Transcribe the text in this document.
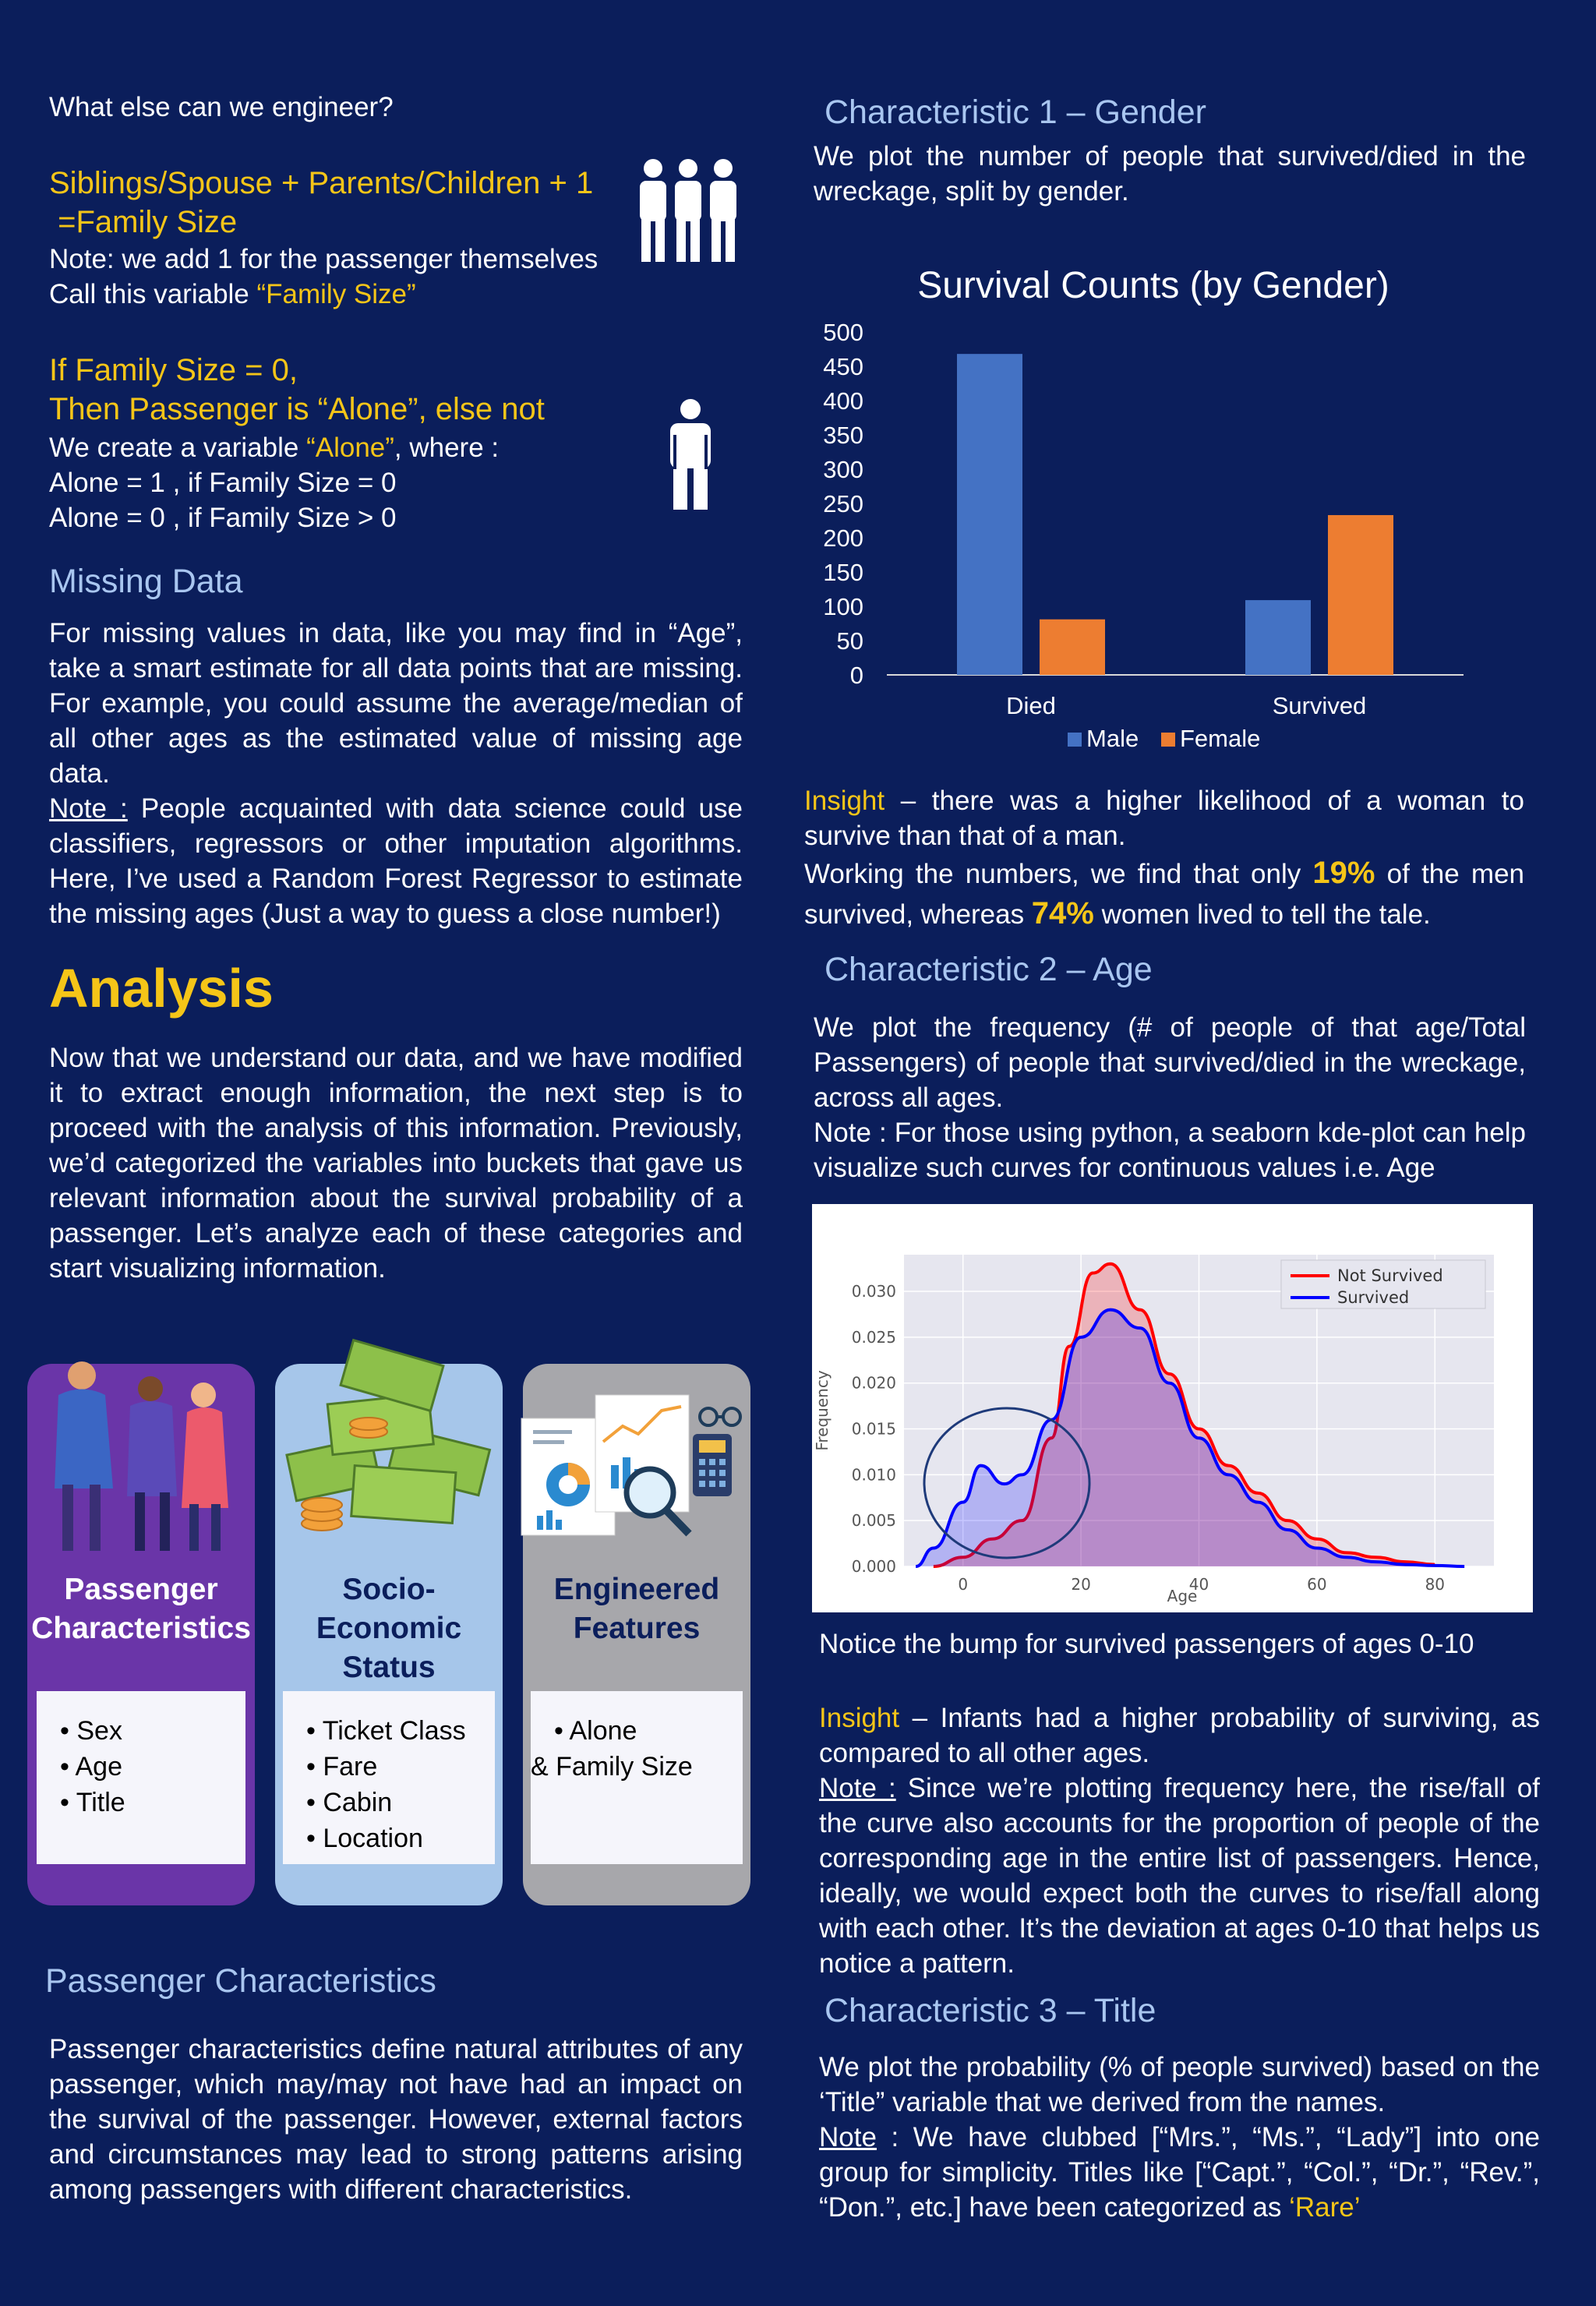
What else can we engineer?
Siblings/Spouse + Parents/Children + 1
=Family Size
Note: we add 1 for the passenger themselves
Call this variable “Family Size”
If Family Size = 0,
Then Passenger is “Alone”, else not
We create a variable “Alone”, where :
Alone = 1 , if Family Size = 0
Alone = 0 , if Family Size > 0
Missing Data
For missing values in data, like you may find in “Age”, take a smart estimate for all data points that are missing. For example, you could assume the average/median of all other ages as the estimated value of missing age data.
Note : People acquainted with data science could use classifiers, regressors or other imputation algorithms. Here, I’ve used a Random Forest Regressor to estimate the missing ages (Just a way to guess a close number!)
Analysis
Now that we understand our data, and we have modified it to extract enough information, the next step is to proceed with the analysis of this information. Previously, we’d categorized the variables into buckets that gave us relevant information about the survival probability of a passenger. Let’s analyze each of these categories and start visualizing information.
Passenger
Characteristics
• Sex
• Age
• Title
Socio-Economic
Status
• Ticket Class
• Fare
• Cabin
• Location
Engineered
Features
• Alone
& Family Size
Passenger Characteristics
Passenger characteristics define natural attributes of any passenger, which may/may not have had an impact on the survival of the passenger. However, external factors and circumstances may lead to strong patterns arising among passengers with different characteristics.
Characteristic 1 – Gender
We plot the number of people that survived/died in the wreckage, split by gender.
Survival Counts (by Gender)
0
50
100
150
200
250
300
350
400
450
500
Died	Survived
Male Female
Insight – there was a higher likelihood of a woman to survive than that of a man.
Working the numbers, we find that only 19% of the men survived, whereas 74% women lived to tell the tale.
Characteristic 2 – Age
We plot the frequency (# of people of that age/Total Passengers) of people that survived/died in the wreckage, across all ages.
Note : For those using python, a seaborn kde-plot can help visualize such curves for continuous values i.e. Age
0.000
0.005
0.010
0.015
0.020
0.025
0.030
0	20	40	60	80
Age
Frequency
Not Survived
Survived
Notice the bump for survived passengers of ages 0-10
Insight – Infants had a higher probability of surviving, as compared to all other ages.
Note : Since we’re plotting frequency here, the rise/fall of the curve also accounts for the proportion of people of the corresponding age in the entire list of passengers. Hence, ideally, we would expect both the curves to rise/fall along with each other. It’s the deviation at ages 0-10 that helps us notice a pattern.
Characteristic 3 – Title
We plot the probability (% of people survived) based on the ‘Title” variable that we derived from the names.
Note : We have clubbed [“Mrs.”, “Ms.”, “Lady”] into one group for simplicity. Titles like [“Capt.”, “Col.”, “Dr.”, “Rev.”, “Don.”, etc.] have been categorized as ‘Rare’
